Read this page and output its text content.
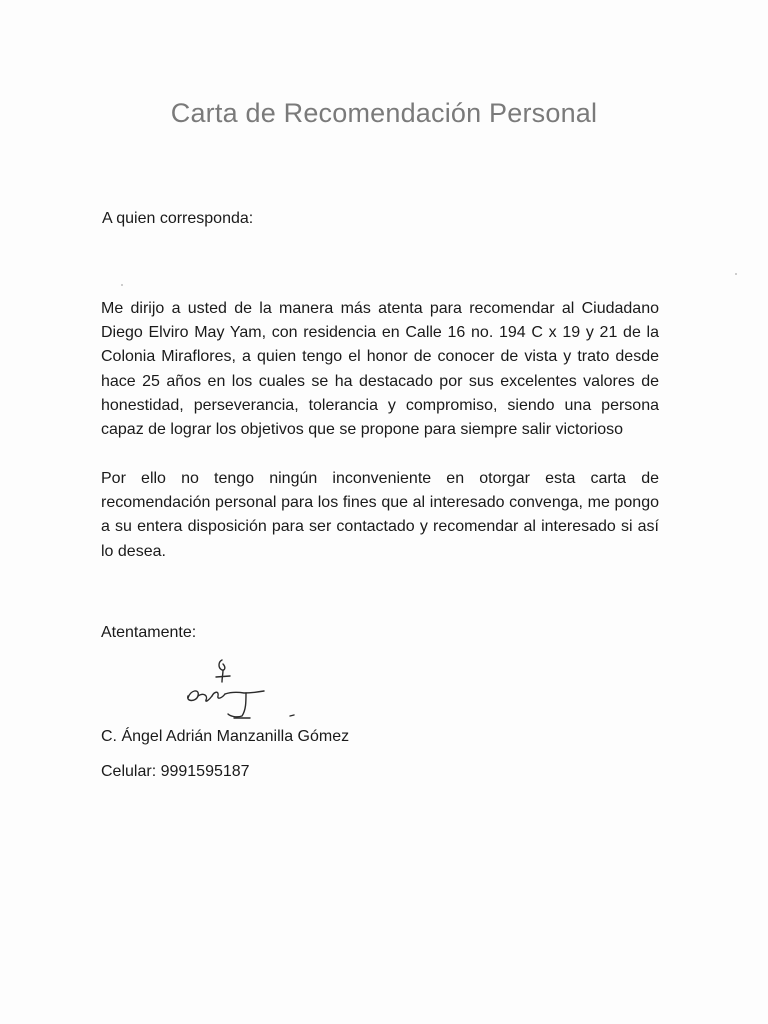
Carta de Recomendación Personal
A quien corresponda:
Me dirijo a usted de la manera más atenta para recomendar al Ciudadano Diego Elviro May Yam, con residencia en Calle 16 no. 194 C x 19 y 21 de la Colonia Miraflores, a quien tengo el honor de conocer de vista y trato desde hace 25 años en los cuales se ha destacado por sus excelentes valores de honestidad, perseverancia, tolerancia y compromiso, siendo una persona capaz de lograr los objetivos que se propone para siempre salir victorioso
Por ello no tengo ningún inconveniente en otorgar esta carta de recomendación personal para los fines que al interesado convenga, me pongo a su entera disposición para ser contactado y recomendar al interesado si así lo desea.
Atentamente:
C. Ángel Adrián Manzanilla Gómez
Celular: 9991595187
